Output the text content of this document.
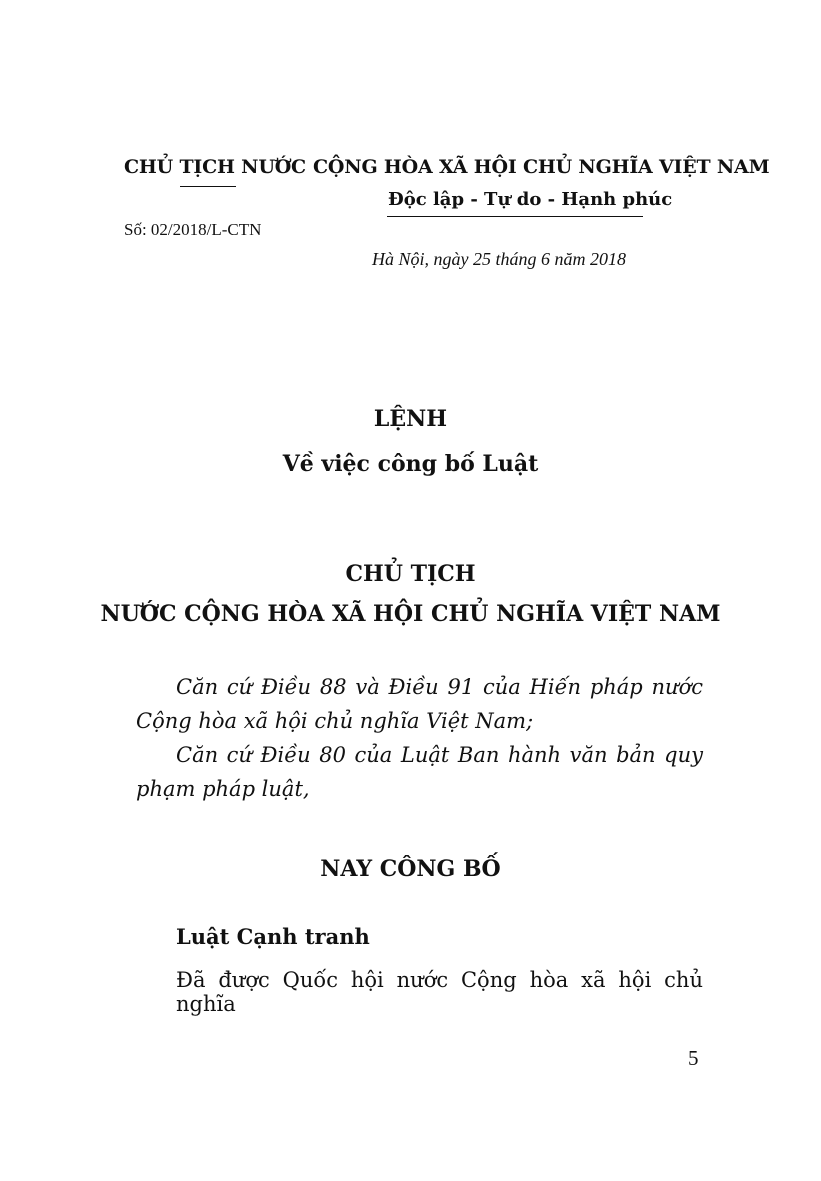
CHỦ TỊCH NƯỚC
Số: 02/2018/L-CTN
CỘNG HÒA XÃ HỘI CHỦ NGHĨA VIỆT NAM
Độc lập - Tự do - Hạnh phúc
Hà Nội, ngày 25 tháng 6 năm 2018
LỆNH
Về việc công bố Luật
CHỦ TỊCH
NƯỚC CỘNG HÒA XÃ HỘI CHỦ NGHĨA VIỆT NAM
Căn cứ Điều 88 và Điều 91 của Hiến pháp nước
Cộng hòa xã hội chủ nghĩa Việt Nam;
Căn cứ Điều 80 của Luật Ban hành văn bản quy
phạm pháp luật,
NAY CÔNG BỐ
Luật Cạnh tranh
Đã được Quốc hội nước Cộng hòa xã hội chủ nghĩa
5
